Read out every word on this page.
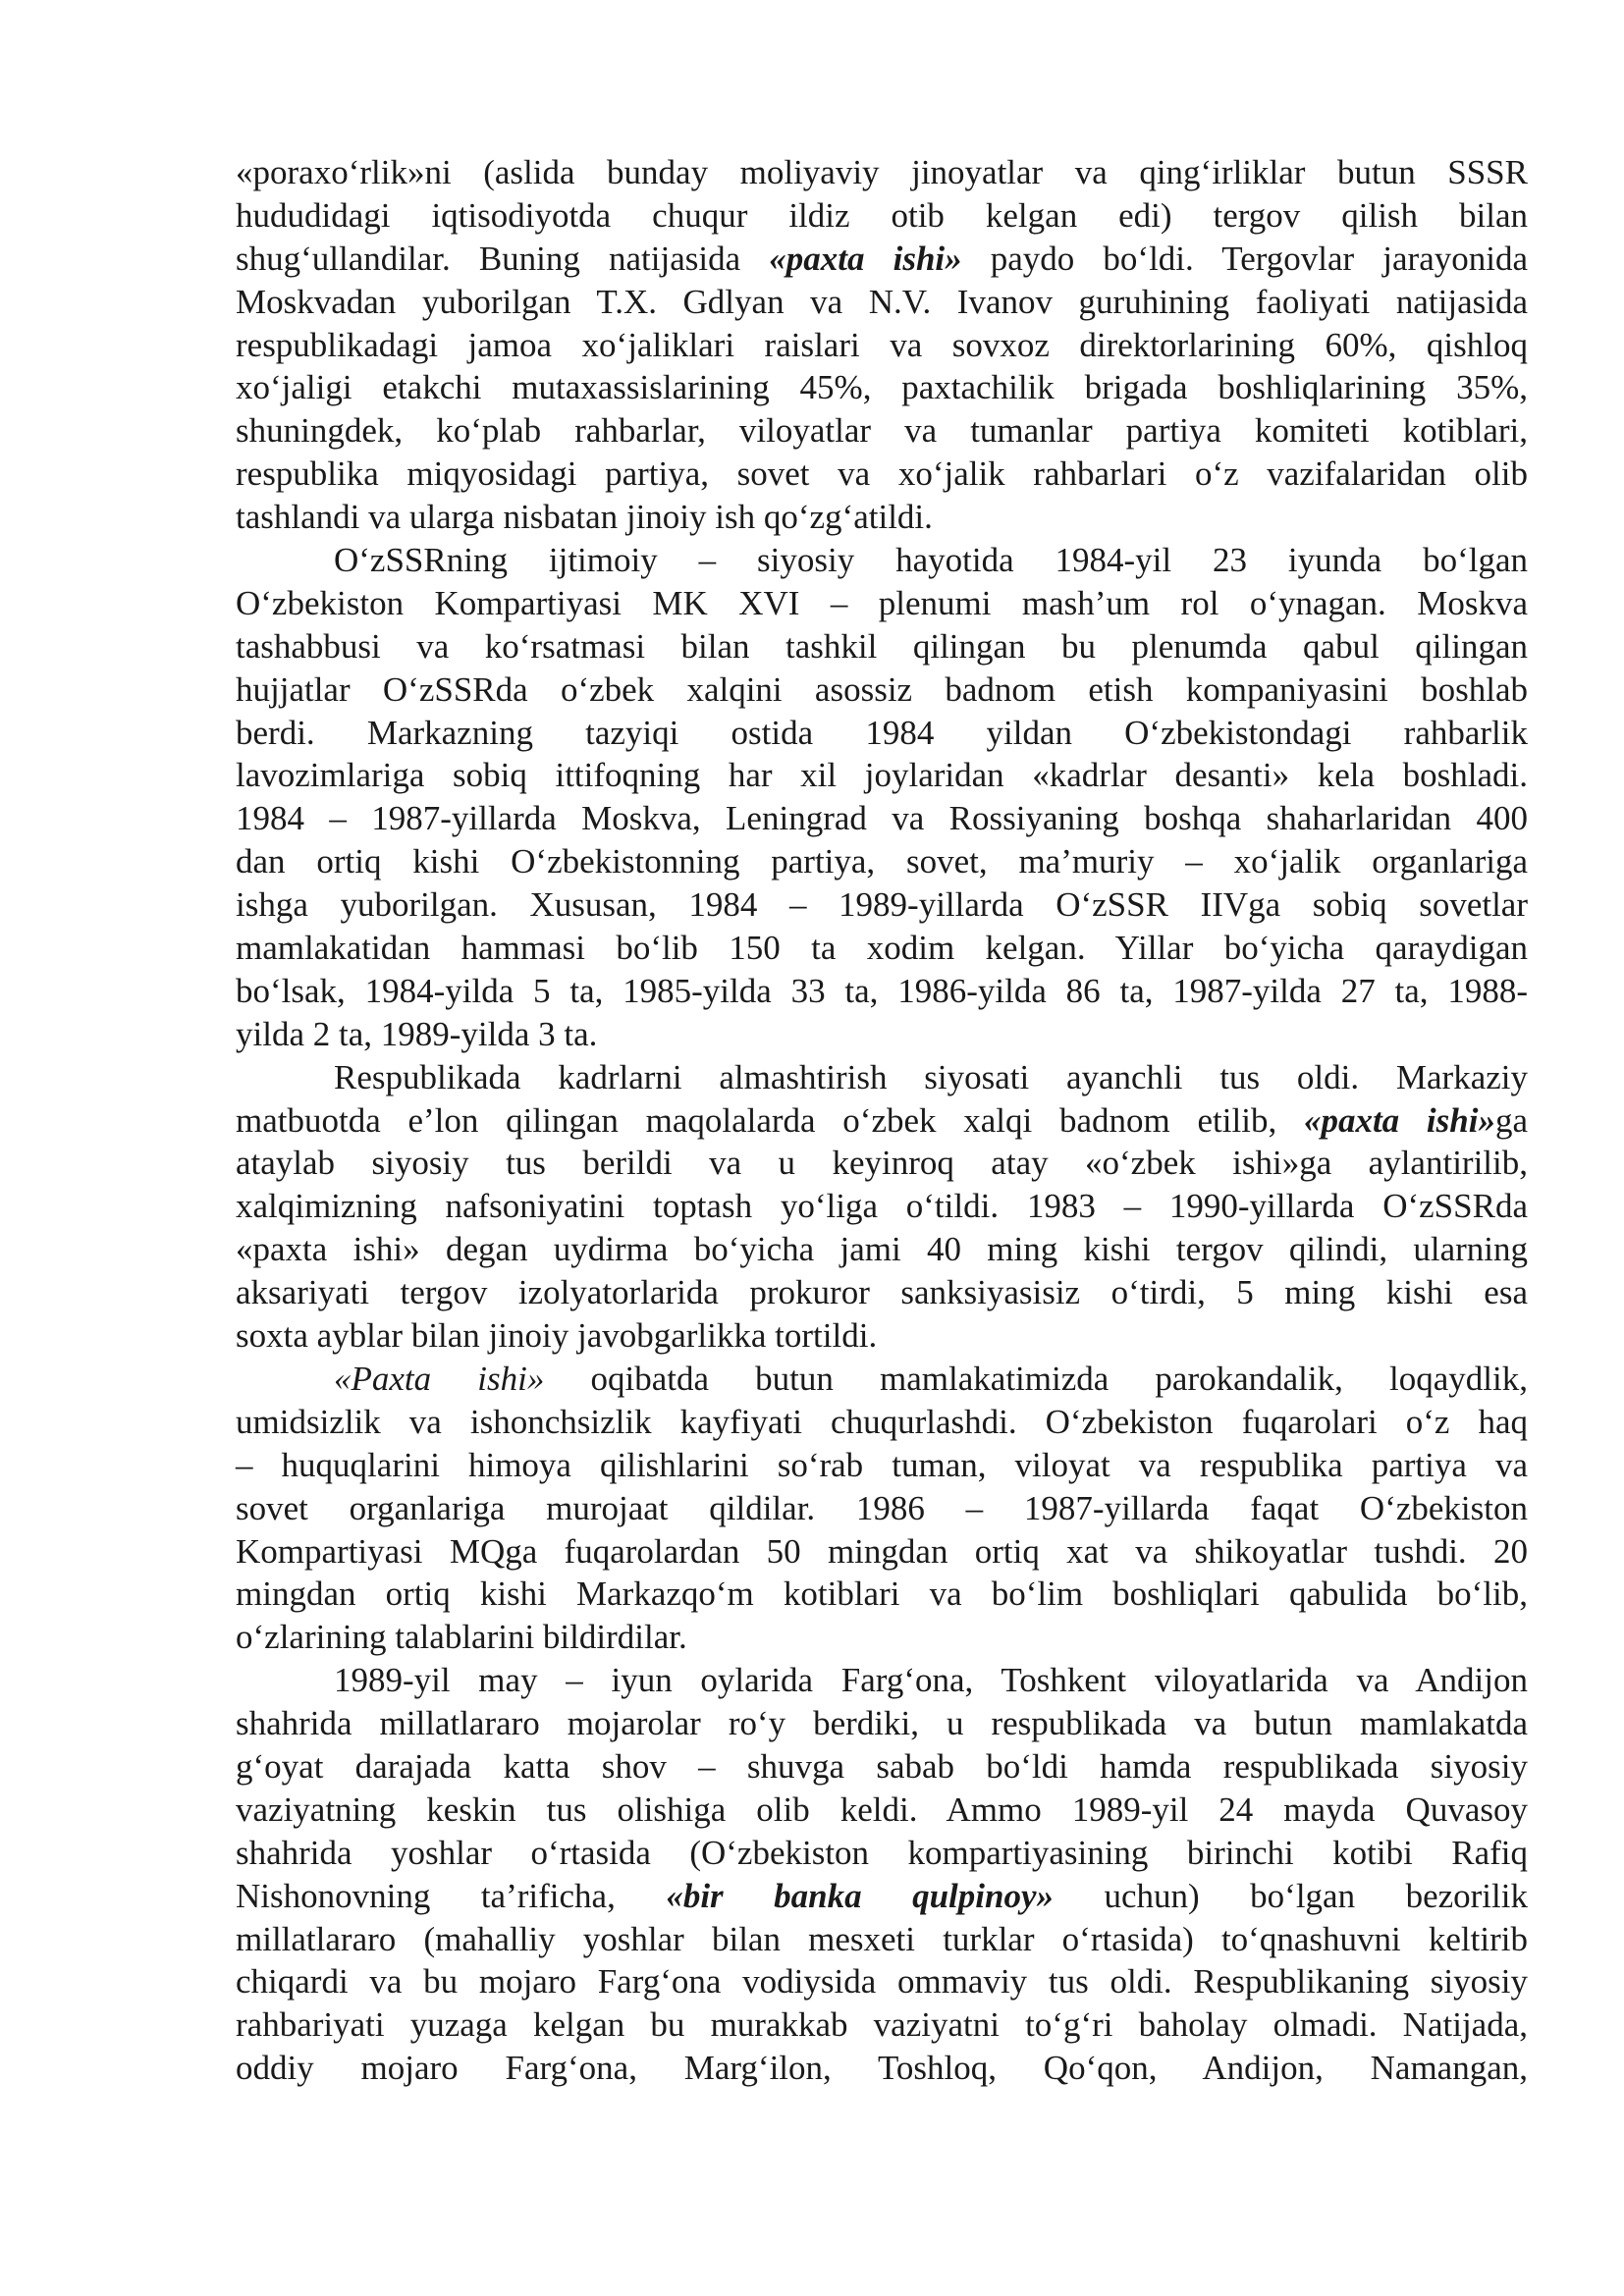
«poraxo‘rlik»ni (aslida bunday moliyaviy jinoyatlar va qing‘irliklar butun SSSR
hududidagi iqtisodiyotda chuqur ildiz otib kelgan edi) tergov qilish bilan
shug‘ullandilar. Buning natijasida «paxta ishi» paydo bo‘ldi. Tergovlar jarayonida
Moskvadan yuborilgan T.X. Gdlyan va N.V. Ivanov guruhining faoliyati natijasida
respublikadagi jamoa xo‘jaliklari raislari va sovxoz direktorlarining 60%, qishloq
xo‘jaligi etakchi mutaxassislarining 45%, paxtachilik brigada boshliqlarining 35%,
shuningdek, ko‘plab rahbarlar, viloyatlar va tumanlar partiya komiteti kotiblari,
respublika miqyosidagi partiya, sovet va xo‘jalik rahbarlari o‘z vazifalaridan olib
tashlandi va ularga nisbatan jinoiy ish qo‘zg‘atildi.
O‘zSSRning ijtimoiy – siyosiy hayotida 1984-yil 23 iyunda bo‘lgan
O‘zbekiston Kompartiyasi MK XVI – plenumi mash’um rol o‘ynagan. Moskva
tashabbusi va ko‘rsatmasi bilan tashkil qilingan bu plenumda qabul qilingan
hujjatlar O‘zSSRda o‘zbek xalqini asossiz badnom etish kompaniyasini boshlab
berdi. Markazning tazyiqi ostida 1984 yildan O‘zbekistondagi rahbarlik
lavozimlariga sobiq ittifoqning har xil joylaridan «kadrlar desanti» kela boshladi.
1984 – 1987-yillarda Moskva, Leningrad va Rossiyaning boshqa shaharlaridan 400
dan ortiq kishi O‘zbekistonning partiya, sovet, ma’muriy – xo‘jalik organlariga
ishga yuborilgan. Xususan, 1984 – 1989-yillarda O‘zSSR IIVga sobiq sovetlar
mamlakatidan hammasi bo‘lib 150 ta xodim kelgan. Yillar bo‘yicha qaraydigan
bo‘lsak, 1984-yilda 5 ta, 1985-yilda 33 ta, 1986-yilda 86 ta, 1987-yilda 27 ta, 1988-
yilda 2 ta, 1989-yilda 3 ta.
Respublikada kadrlarni almashtirish siyosati ayanchli tus oldi. Markaziy
matbuotda e’lon qilingan maqolalarda o‘zbek xalqi badnom etilib, «paxta ishi»ga
ataylab siyosiy tus berildi va u keyinroq atay «o‘zbek ishi»ga aylantirilib,
xalqimizning nafsoniyatini toptash yo‘liga o‘tildi. 1983 – 1990-yillarda O‘zSSRda
«paxta ishi» degan uydirma bo‘yicha jami 40 ming kishi tergov qilindi, ularning
aksariyati tergov izolyatorlarida prokuror sanksiyasisiz o‘tirdi, 5 ming kishi esa
soxta ayblar bilan jinoiy javobgarlikka tortildi.
«Paxta ishi» oqibatda butun mamlakatimizda parokandalik, loqaydlik,
umidsizlik va ishonchsizlik kayfiyati chuqurlashdi. O‘zbekiston fuqarolari o‘z haq
– huquqlarini himoya qilishlarini so‘rab tuman, viloyat va respublika partiya va
sovet organlariga murojaat qildilar. 1986 – 1987-yillarda faqat O‘zbekiston
Kompartiyasi MQga fuqarolardan 50 mingdan ortiq xat va shikoyatlar tushdi. 20
mingdan ortiq kishi Markazqo‘m kotiblari va bo‘lim boshliqlari qabulida bo‘lib,
o‘zlarining talablarini bildirdilar.
1989-yil may – iyun oylarida Farg‘ona, Toshkent viloyatlarida va Andijon
shahrida millatlararo mojarolar ro‘y berdiki, u respublikada va butun mamlakatda
g‘oyat darajada katta shov – shuvga sabab bo‘ldi hamda respublikada siyosiy
vaziyatning keskin tus olishiga olib keldi. Ammo 1989-yil 24 mayda Quvasoy
shahrida yoshlar o‘rtasida (O‘zbekiston kompartiyasining birinchi kotibi Rafiq
Nishonovning ta’rificha, «bir banka qulpinoy» uchun) bo‘lgan bezorilik
millatlararo (mahalliy yoshlar bilan mesxeti turklar o‘rtasida) to‘qnashuvni keltirib
chiqardi va bu mojaro Farg‘ona vodiysida ommaviy tus oldi. Respublikaning siyosiy
rahbariyati yuzaga kelgan bu murakkab vaziyatni to‘g‘ri baholay olmadi. Natijada,
oddiy mojaro Farg‘ona, Marg‘ilon, Toshloq, Qo‘qon, Andijon, Namangan,
